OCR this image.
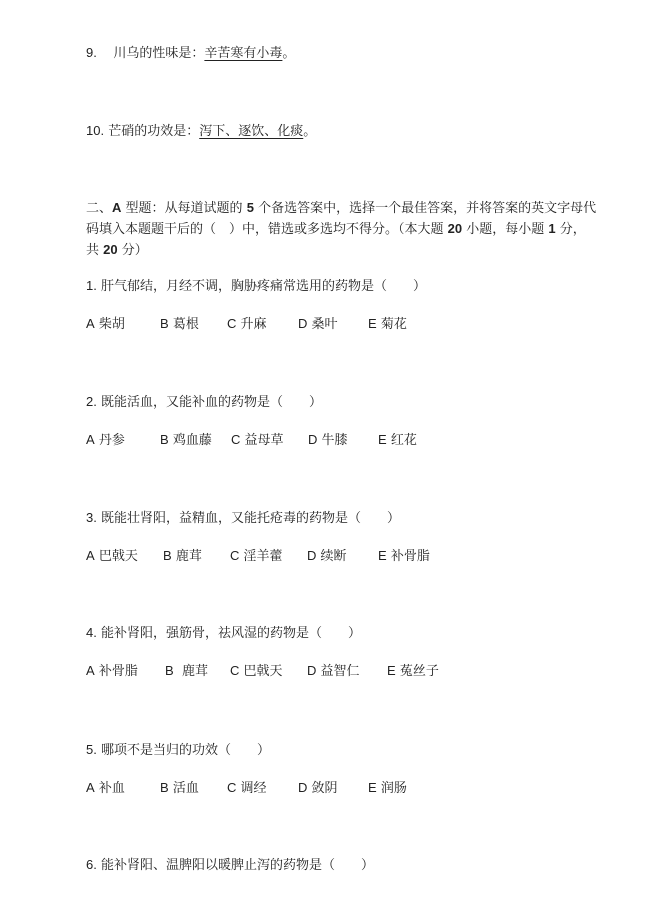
9. 川乌的性味是：辛苦寒有小毒。
10. 芒硝的功效是：泻下、逐饮、化痰。
二、A 型题：从每道试题的 5 个备选答案中，选择一个最佳答案，并将答案的英文字母代
码填入本题题干后的（　）中，错选或多选均不得分。（本大题 20 小题，每小题 1 分，
共 20 分）
1. 肝气郁结，月经不调，胸胁疼痛常选用的药物是（　　）
A 柴胡	B 葛根 C 升麻 D 桑叶 E 菊花
2. 既能活血，又能补血的药物是（　　）
A 丹参	B 鸡血藤 C 益母草 D 牛膝 E 红花
3. 既能壮肾阳，益精血，又能托疮毒的药物是（　　）
A 巴戟天 B 鹿茸 C 淫羊藿 D 续断 E 补骨脂
4. 能补肾阳，强筋骨，祛风湿的药物是（　　）
A 补骨脂 B 鹿茸 C 巴戟天 D 益智仁 E 菟丝子
5. 哪项不是当归的功效（　　）
A 补血	B 活血 C 调经 D 敛阴 E 润肠
6. 能补肾阳、温脾阳以暖脾止泻的药物是（　　）
